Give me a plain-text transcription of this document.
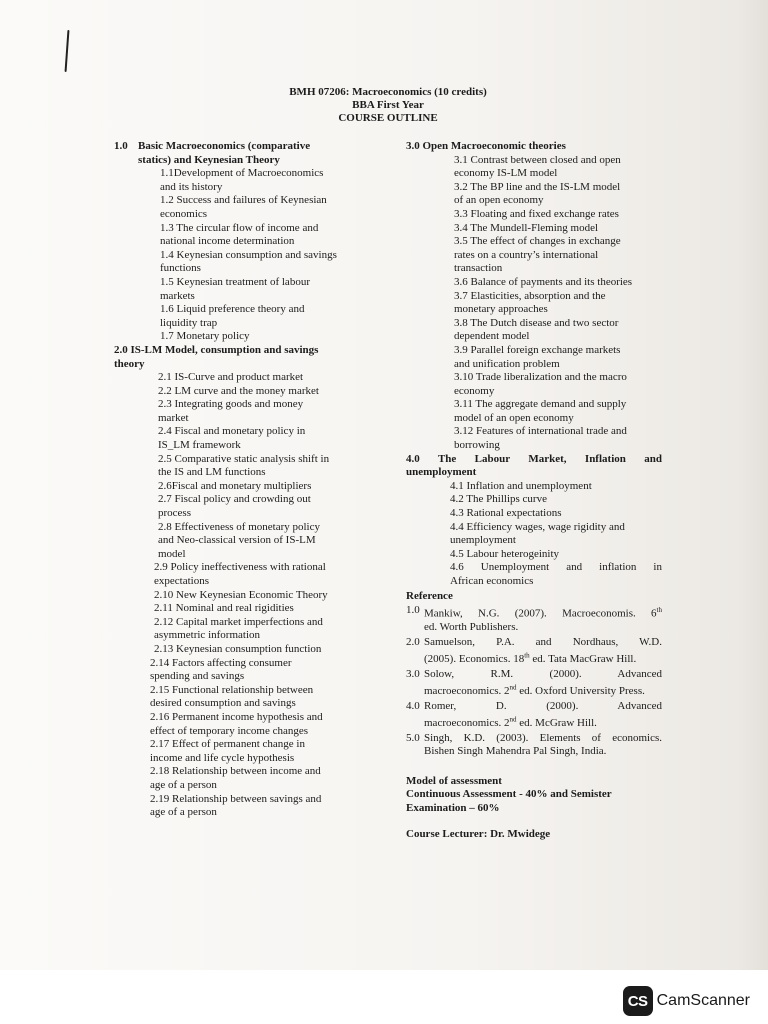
BMH 07206: Macroeconomics (10 credits)
BBA First Year
COURSE OUTLINE
1.0 Basic Macroeconomics (comparative
statics) and Keynesian Theory
1.1Development of Macroeconomics
and its history
1.2 Success and failures of Keynesian
economics
1.3 The circular flow of income and
national income determination
1.4 Keynesian consumption and savings
functions
1.5 Keynesian treatment of labour
markets
1.6 Liquid preference theory and
liquidity trap
1.7 Monetary policy
2.0 IS-LM Model, consumption and savings
theory
2.1 IS-Curve and product market
2.2 LM curve and the money market
2.3 Integrating goods and money
market
2.4 Fiscal and monetary policy in
IS_LM framework
2.5 Comparative static analysis shift in
the IS and LM functions
2.6Fiscal and monetary multipliers
2.7 Fiscal policy and crowding out
process
2.8 Effectiveness of monetary policy
and Neo-classical version of IS-LM
model
2.9 Policy ineffectiveness with rational
expectations
2.10 New Keynesian Economic Theory
2.11 Nominal and real rigidities
2.12 Capital market imperfections and
asymmetric information
2.13 Keynesian consumption function
2.14 Factors affecting consumer
spending and savings
2.15 Functional relationship between
desired consumption and savings
2.16 Permanent income hypothesis and
effect of temporary income changes
2.17 Effect of permanent change in
income and life cycle hypothesis
2.18 Relationship between income and
age of a person
2.19 Relationship between savings and
age of a person
3.0 Open Macroeconomic theories
3.1 Contrast between closed and open
economy IS-LM model
3.2 The BP line and the IS-LM model
of an open economy
3.3 Floating and fixed exchange rates
3.4 The Mundell-Fleming model
3.5 The effect of changes in exchange
rates on a country’s international
transaction
3.6 Balance of payments and its theories
3.7 Elasticities, absorption and the
monetary approaches
3.8 The Dutch disease and two sector
dependent model
3.9 Parallel foreign exchange markets
and unification problem
3.10 Trade liberalization and the macro
economy
3.11 The aggregate demand and supply
model of an open economy
3.12 Features of international trade and
borrowing
4.0 The Labour Market, Inflation and
unemployment
4.1 Inflation and unemployment
4.2 The Phillips curve
4.3 Rational expectations
4.4 Efficiency wages, wage rigidity and
unemployment
4.5 Labour heterogeinity
4.6 Unemployment and inflation in
African economics
Reference
1.0 Mankiw, N.G. (2007). Macroeconomis. 6th
ed. Worth Publishers.
2.0 Samuelson, P.A. and Nordhaus, W.D.
(2005). Economics. 18th ed. Tata MacGraw Hill.
3.0 Solow, R.M. (2000). Advanced
macroeconomics. 2nd ed. Oxford University Press.
4.0 Romer, D. (2000). Advanced
macroeconomics. 2nd ed. McGraw Hill.
5.0 Singh, K.D. (2003). Elements of economics.
Bishen Singh Mahendra Pal Singh, India.
Model of assessment
Continuous Assessment - 40% and Semister
Examination – 60%
Course Lecturer: Dr. Mwidege
CS CamScanner
